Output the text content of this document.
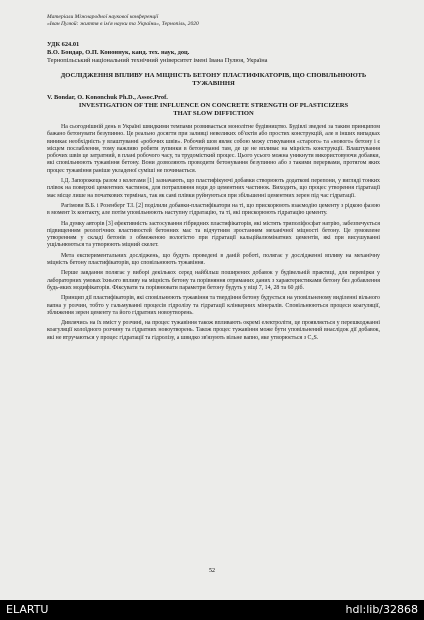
Матеріали Міжнародної наукової конференції
«Іван Пулюй: життя в ім'я науки та України», Тернопіль, 2020
УДК 624.01
В.О. Бондар, О.П. Кононнук, канд. тех. наук, доц.
Тернопільський національний технічний університет імені Івана Пулюя, Україна
ДОСЛІДЖЕННЯ ВПЛИВУ НА МІЦНІСТЬ БЕТОНУ ПЛАСТИФІКАТОРІВ, ЩО СПОВІЛЬНЮЮТЬ ТУЖАВІННЯ
V. Bondar, O. Kononchuk Ph.D., Assoc.Prof.
INVESTIGATION OF THE INFLUENCE ON CONCRETE STRENGTH OF PLASTICIZERS THAT SLOW DIFFICTION

На сьогоднішній день в Україні швидкими темпами розвивається монолітне будівництво. Будівлі зведені за таким принципом бажано бетонувати безупинно. Це реально досягти при заливці невеликих об'єктів або простих конструкцій, але в інших випадках виникає необхідність у влаштуванні «робочих швів». Робочий шов являє собою межу стикування «старого» та «нового» бетону і є місцем послаблення, тому важливо робити зупинки в бетонуванні там, де це не впливає на міцність конструкції. Влаштування робочих швів це затратний, в плані робочого часу, та трудомісткий процес. Цього усього можна уникнути використовуючи добавки, які сповільнюють тужавіння бетону. Вони дозволяють проводити бетонування безупинно або з такими перервами, протягом яких процес тужавіння раніше укладеної суміші не починається.

І.Д. Запорожець разом з колегами [1] зазначають, що пластифікуючі добавки створюють додаткові перепони, у вигляді тонких плівок на поверхні цементних частинок, для потрапляння води до цементних частинок. Виходить, що процес утворення гідратації має місце лише на початкових термінах, так як самі плівки руйнуються при збільшенні цементних зерен під час гідратації.

Рагімови В.Б. і Розенберг Т.І. [2] поділили добавки-пластифікатори на ті, що прискорюють взаємодію цементу з рідкою фазою в момент їх контакту, але потім уповільнюють наступну гідратацію, та ті, які прискорюють гідратацію цементу.

На думку авторів [3] ефективність застосування гібридних пластифікаторів, які містять триполіфосфат натрію, забезпечується підвищенням реологічних властивостей бетонних мас та відчутним зростанням механічної міцності бетону. Це зумовлене утворенням у складі бетонів з обмеженою вологістю при гідратації кальційалюмінатних цементів, які при висушуванні ущільнюються та утворюють міцний скелет.

Мета експериментальних досліджень, що будуть проведені в даній роботі, полягає у дослідженні впливу на механічну міцність бетону пластифікаторів, що сповільнюють тужавіння.

Перше завдання полягає у виборі декількох серед найбільш поширених добавок у будівельній практиці, для перевірки у лабораторних умовах їхнього впливу на міцність бетону та порівняння отриманих даних з характеристиками бетону без добавлення будь-яких модифікаторів. Фіксувати та порівнювати параметри бетону будуть у віці 7, 14, 28 та 60 діб.

Принцип дії пластифікаторів, які сповільнюють тужавіння та твердіння бетону будується на уповільненому виділенні вільного вапна у розчин, тобто у гальмуванні процесів гідролізу та гідратації клінкерних мінералів. Сповільнюються процеси коагуляції, зближення зерен цементу та його гідратних новоутворень.

Дивлячись на їх вміст у розчині, на процес тужавіння також впливають окремі електроліти, це проявляється у перешкоджанні коагуляції колоїдного розчину та гідратних новоутворень. Також процес тужавіння може бути уповільнений внаслідок дії добавок, які не втручаються у процес гідратації та гідролізу, а швидко зв'язують вільне вапно, яке утворюється з C₃S.

52
ELARTU	hdl:lib/32868
